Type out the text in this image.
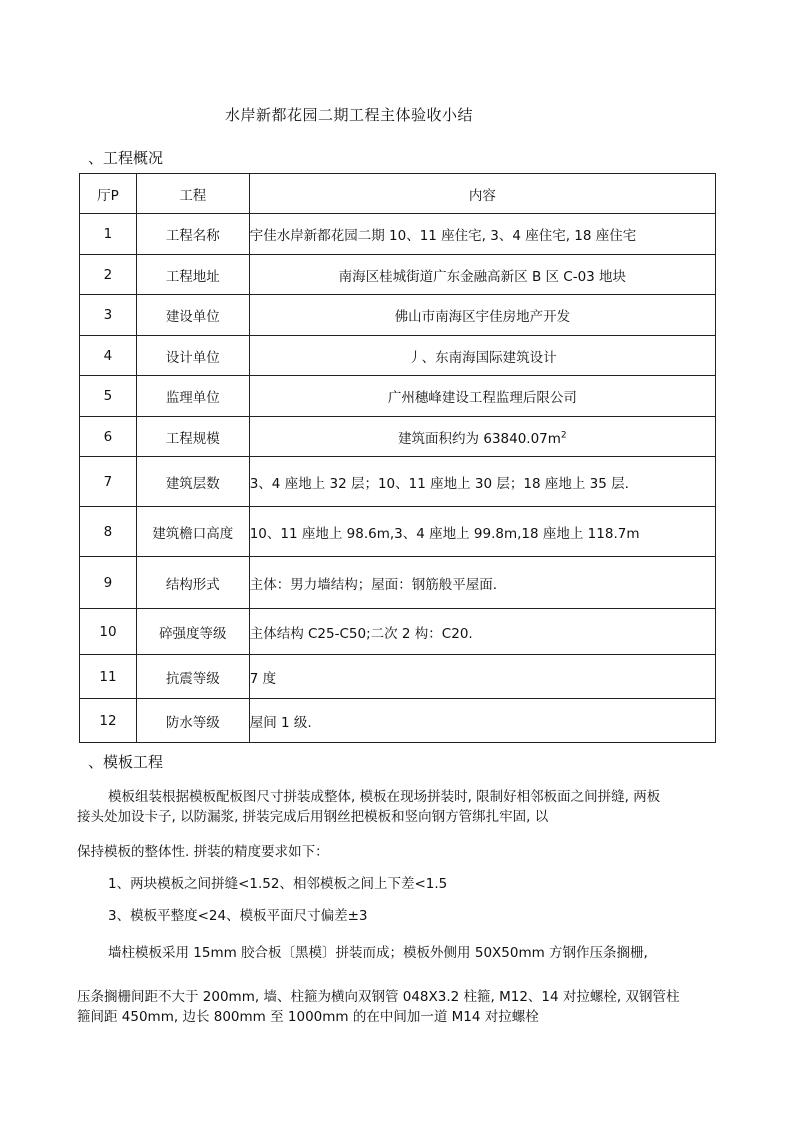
水岸新都花园二期工程主体验收小结
、工程概况
厅P	工程	内容
1	工程名称	宇佳水岸新都花园二期 10、11 座住宅, 3、4 座住宅, 18 座住宅
2	工程地址	南海区桂城街道广东金融高新区 B 区 C-03 地块
3	建设单位	佛山巿南海区宇佳房地产开发
4	设计单位	丿、东南海国际建筑设计
5	监理单位	广州穗峰建设工程监理后限公司
6	工程规模	建筑面积约为 $63840.07m^2$
7	建筑层数	3、4 座地上 32 层；10、11 座地上 30 层；18 座地上 35 层.
8	建筑檐口高度	10、11 座地上 98.6m,3、4 座地上 99.8m,18 座地上 118.7m
9	结构形式	主体：男力墙结构；屋面：钢筋般平屋面.
10	碎强度等级	主体结构 C25-C50;二次 2 构：C20.
11	抗震等级	7 度
12	防水等级	屋间 1 级.
、模板工程
模板组装根据模板配板图尺寸拼装成整体, 模板在现场拼装时, 限制好相邻板面之间拼缝, 两板
接头处加设卡子, 以防漏浆, 拼装完成后用钢丝把模板和竖向钢方管绑扎牢固, 以
保持模板的整体性. 拼装的精度要求如下：
1、两块模板之间拼缝<1.52、相邻模板之间上下差<1.5
3、模板平整度<24、模板平面尺寸偏差±3
墙柱模板采用 15mm 胶合板〔黑模〕拼装而成；模板外侧用 50X50mm 方钢作压条搁栅,
压条搁栅间距不大于 200mm, 墙、柱箍为横向双钢管 048X3.2 柱箍, M12、14 对拉螺栓, 双钢管柱
箍间距 450mm, 边长 800mm 至 1000mm 的在中间加一道 M14 对拉螺栓
